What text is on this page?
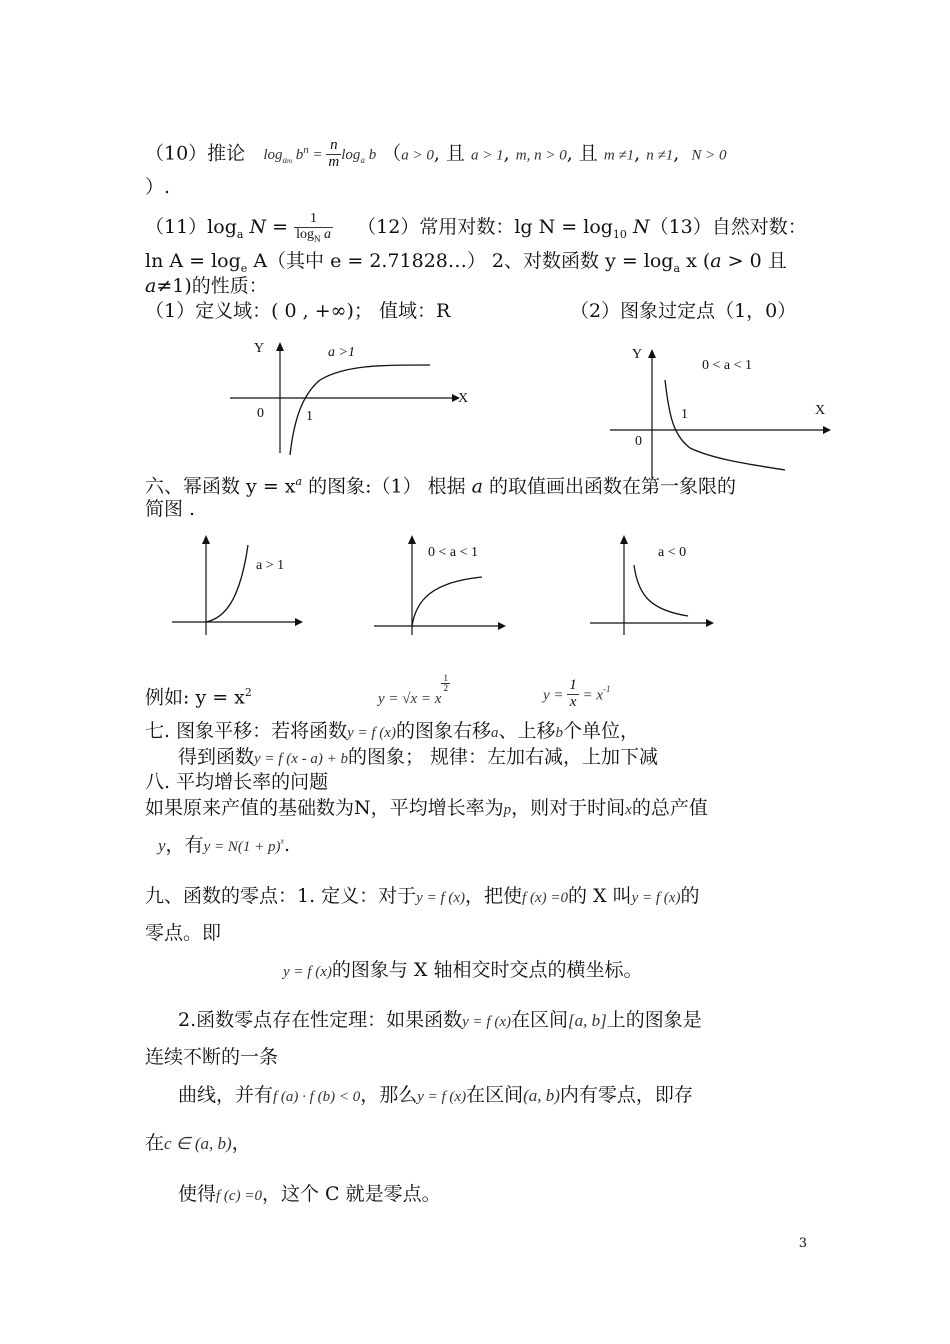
（10）推论 $\log_{am} b^n = \frac{n}{m} \log_a b$ （a > 0, 且 a > 1, m, n > 0, 且 m ≠1, n ≠1, N > 0
）.
$(11)\log_a$ $N = \frac{1}{\log_N a} (12)$常用对数：$\lg N = \log_{10} N(13)$自然对数：
$\ln A = \log_e A$（其中 e = 2.71828…） 2、对数函数 $y = \log_a x$ (a > 0 且
a≠1)的性质：
（1）定义域：( 0 , +∞)； 值域：R	（2）图象过定点（1，0）
Y
X
0	1
a >1	Y
X
0
1
0 < a < 1
六、幂函数 $y = x^a$ 的图象:（1） 根据 a 的取值画出函数在第一象限的
简图 .
a > 1
0 < a < 1	a < 0
例如: $y = x^2$	y = √x = x
$\frac{1}{2}$
$y = \frac{1}{x} = x^{-1}$
七. 图象平移：若将函数y = f (x)的图象右移a、上移b个单位，
得到函数y = f (x - a) + b的图象； 规律：左加右减，上加下减
八. 平均增长率的问题
如果原来产值的基础数为N，平均增长率为p，则对于时间x的总产值
y，有$y = N(1 + p)^x$.
九、函数的零点：1. 定义：对于y = f (x)，把使f (x) =0的 X 叫y = f (x)的
零点。即
y = f (x)的图象与 X 轴相交时交点的横坐标。
2.函数零点存在性定理：如果函数y = f (x)在区间[a, b]上的图象是
连续不断的一条
曲线，并有f (a) · f (b) < 0，那么y = f (x)在区间(a, b)内有零点，即存
在c ∈ (a, b)，
使得f (c) =0，这个 C 就是零点。
3
